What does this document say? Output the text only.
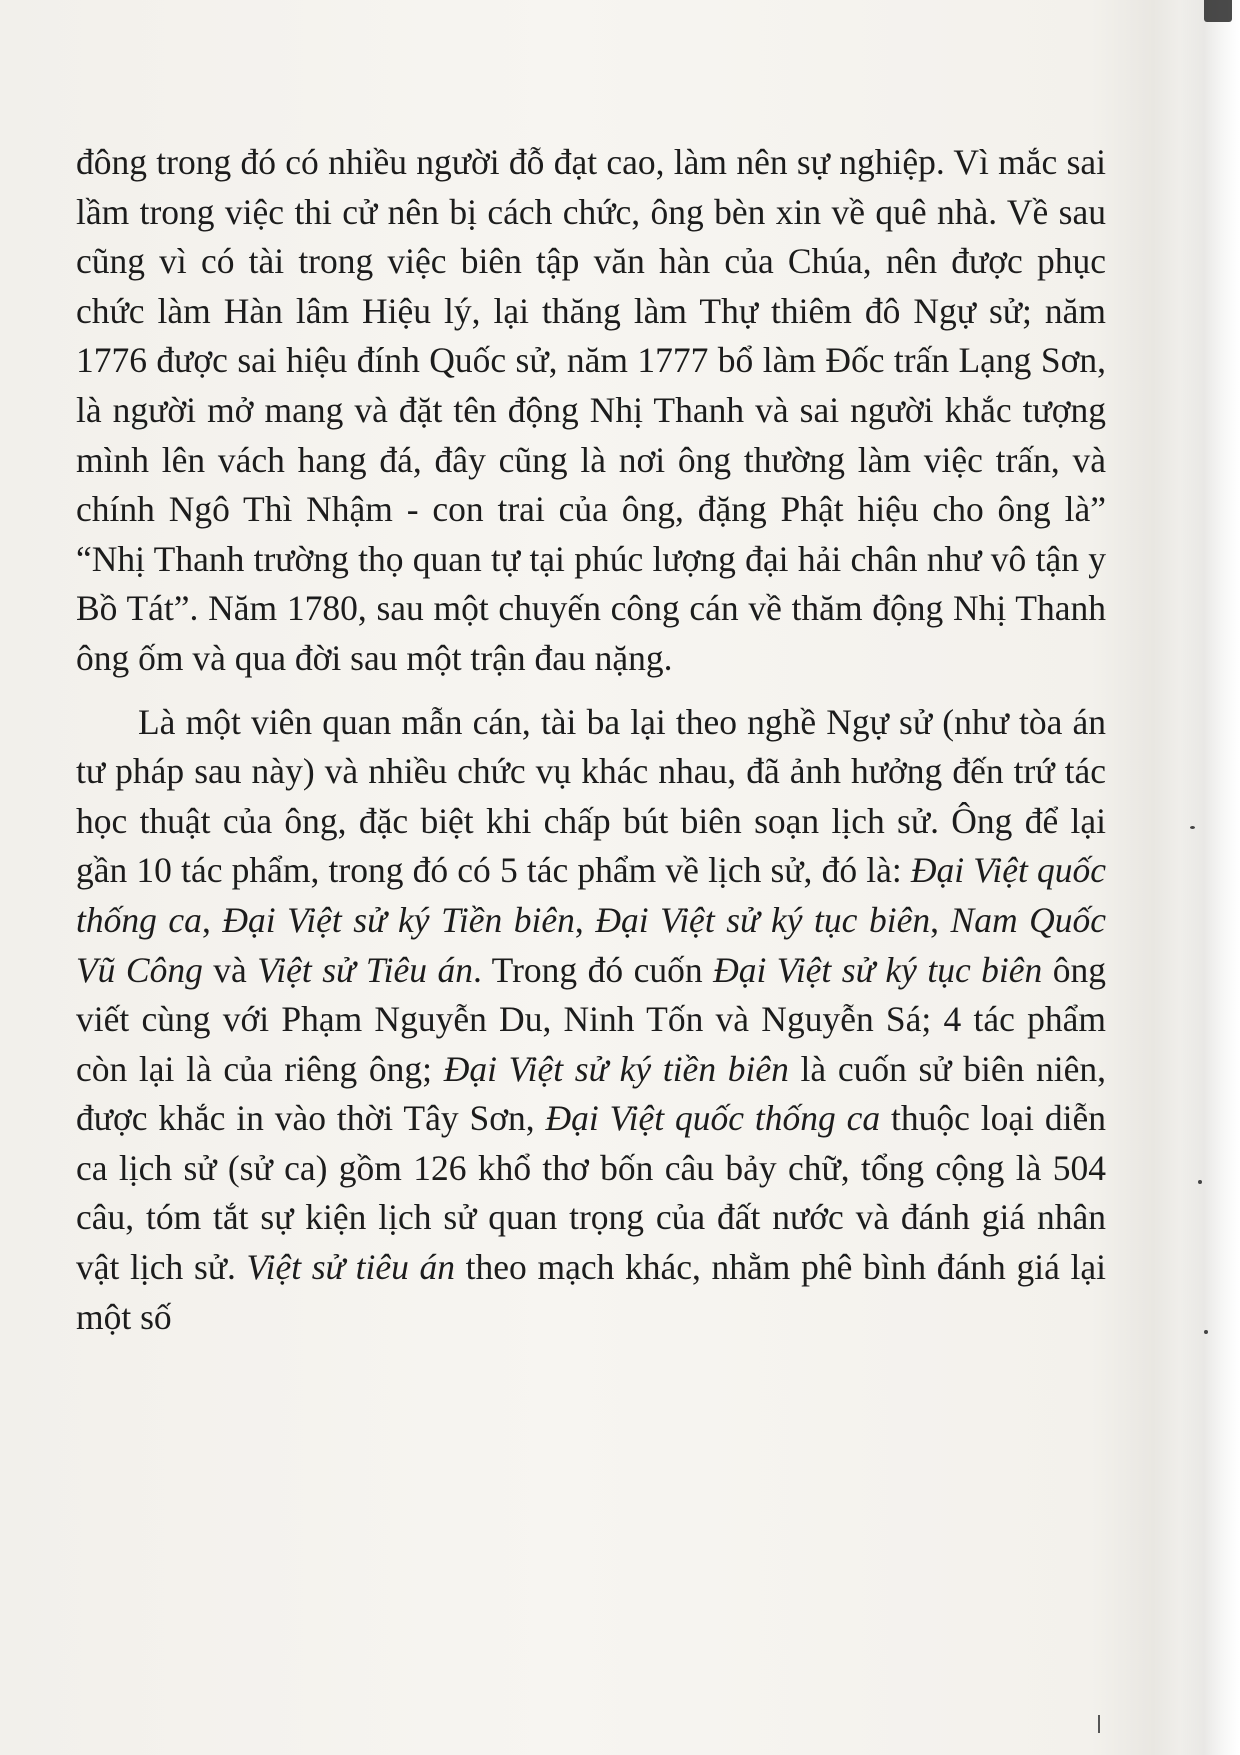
đông trong đó có nhiều người đỗ đạt cao, làm nên sự nghiệp. Vì mắc sai lầm trong việc thi cử nên bị cách chức, ông bèn xin về quê nhà. Về sau cũng vì có tài trong việc biên tập văn hàn của Chúa, nên được phục chức làm Hàn lâm Hiệu lý, lại thăng làm Thự thiêm đô Ngự sử; năm 1776 được sai hiệu đính Quốc sử, năm 1777 bổ làm Đốc trấn Lạng Sơn, là người mở mang và đặt tên động Nhị Thanh và sai người khắc tượng mình lên vách hang đá, đây cũng là nơi ông thường làm việc trấn, và chính Ngô Thì Nhậm - con trai của ông, đặng Phật hiệu cho ông là” “Nhị Thanh trường thọ quan tự tại phúc lượng đại hải chân như vô tận y Bồ Tát”. Năm 1780, sau một chuyến công cán về thăm động Nhị Thanh ông ốm và qua đời sau một trận đau nặng.

Là một viên quan mẫn cán, tài ba lại theo nghề Ngự sử (như tòa án tư pháp sau này) và nhiều chức vụ khác nhau, đã ảnh hưởng đến trứ tác học thuật của ông, đặc biệt khi chấp bút biên soạn lịch sử. Ông để lại gần 10 tác phẩm, trong đó có 5 tác phẩm về lịch sử, đó là: Đại Việt quốc thống ca, Đại Việt sử ký Tiền biên, Đại Việt sử ký tục biên, Nam Quốc Vũ Công và Việt sử Tiêu án. Trong đó cuốn Đại Việt sử ký tục biên ông viết cùng với Phạm Nguyễn Du, Ninh Tốn và Nguyễn Sá; 4 tác phẩm còn lại là của riêng ông; Đại Việt sử ký tiền biên là cuốn sử biên niên, được khắc in vào thời Tây Sơn, Đại Việt quốc thống ca thuộc loại diễn ca lịch sử (sử ca) gồm 126 khổ thơ bốn câu bảy chữ, tổng cộng là 504 câu, tóm tắt sự kiện lịch sử quan trọng của đất nước và đánh giá nhân vật lịch sử. Việt sử tiêu án theo mạch khác, nhằm phê bình đánh giá lại một số
